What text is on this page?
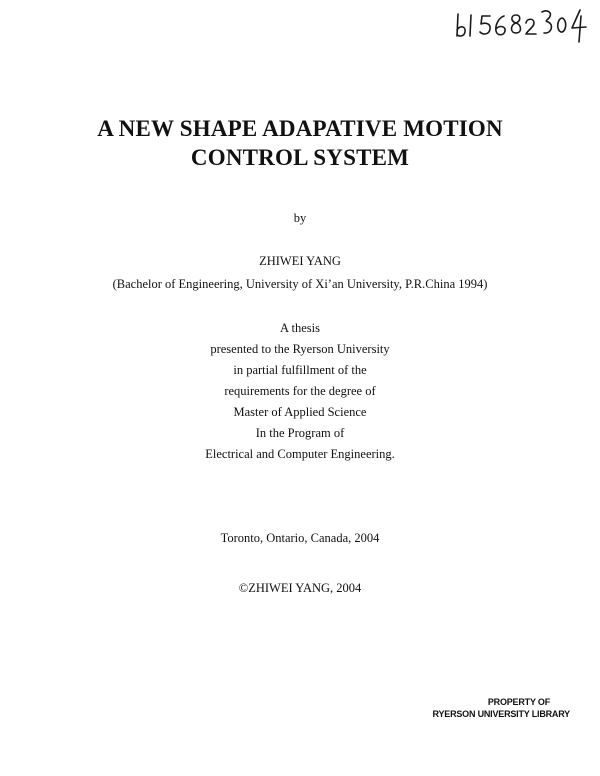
A NEW SHAPE ADAPATIVE MOTION
CONTROL SYSTEM
by
ZHIWEI YANG
(Bachelor of Engineering, University of Xi’an University, P.R.China 1994)
A thesis
presented to the Ryerson University
in partial fulfillment of the
requirements for the degree of
Master of Applied Science
In the Program of
Electrical and Computer Engineering.
Toronto, Ontario, Canada, 2004
©ZHIWEI YANG, 2004
PROPERTY OF
RYERSON UNIVERSITY LIBRARY
